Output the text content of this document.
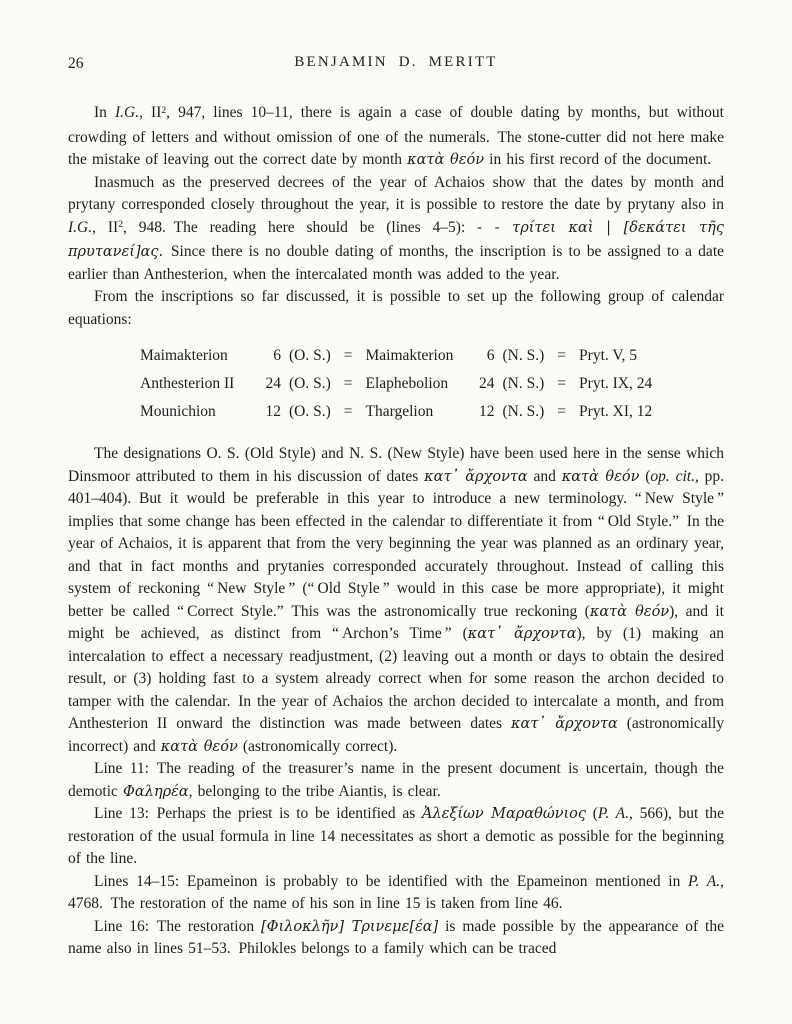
26	BENJAMIN D. MERITT

In I.G., $II^2$, 947, lines 10–11, there is again a case of double dating by months, but without crowding of letters and without omission of one of the numerals. The stone-cutter did not here make the mistake of leaving out the correct date by month κατὰ θεόν in his first record of the document.

Inasmuch as the preserved decrees of the year of Achaios show that the dates by month and prytany corresponded closely throughout the year, it is possible to restore the date by prytany also in I.G., $II^2$, 948. The reading here should be (lines 4–5): - - τρίτει καὶ | [δεκάτει τῆς πρυτανεί]ας. Since there is no double dating of months, the inscription is to be assigned to a date earlier than Anthesterion, when the intercalated month was added to the year.

From the inscriptions so far discussed, it is possible to set up the following group of calendar equations:

Maimakterion	6	(O. S.)	=	Maimakterion	6	(N. S.)	=	Pryt. V, 5
Anthesterion II	24	(O. S.)	=	Elaphebolion	24	(N. S.)	=	Pryt. IX, 24
Mounichion	12	(O. S.)	=	Thargelion	12	(N. S.)	=	Pryt. XI, 12

The designations O. S. (Old Style) and N. S. (New Style) have been used here in the sense which Dinsmoor attributed to them in his discussion of dates κατ᾽ ἄρχοντα and κατὰ θεόν (op. cit., pp. 401–404). But it would be preferable in this year to introduce a new terminology. “ New Style ” implies that some change has been effected in the calendar to differentiate it from “ Old Style.” In the year of Achaios, it is apparent that from the very beginning the year was planned as an ordinary year, and that in fact months and prytanies corresponded accurately throughout. Instead of calling this system of reckoning “ New Style ” (“ Old Style ” would in this case be more appropriate), it might better be called “ Correct Style.” This was the astronomically true reckoning (κατὰ θεόν), and it might be achieved, as distinct from “ Archon’s Time ” (κατ᾽ ἄρχοντα), by (1) making an intercalation to effect a necessary readjustment, (2) leaving out a month or days to obtain the desired result, or (3) holding fast to a system already correct when for some reason the archon decided to tamper with the calendar. In the year of Achaios the archon decided to intercalate a month, and from Anthesterion II onward the distinction was made between dates κατ᾽ ἄρχοντα (astronomically incorrect) and κατὰ θεόν (astronomically correct).

Line 11: The reading of the treasurer’s name in the present document is uncertain, though the demotic Φαληρέα, belonging to the tribe Aiantis, is clear.

Line 13: Perhaps the priest is to be identified as Ἀλεξίων Μαραθώνιος (P. A., 566), but the restoration of the usual formula in line 14 necessitates as short a demotic as possible for the beginning of the line.

Lines 14–15: Epameinon is probably to be identified with the Epameinon mentioned in P. A., 4768. The restoration of the name of his son in line 15 is taken from line 46.

Line 16: The restoration [Φιλοκλῆν] Τρινεμε[έα] is made possible by the appearance of the name also in lines 51–53. Philokles belongs to a family which can be traced
